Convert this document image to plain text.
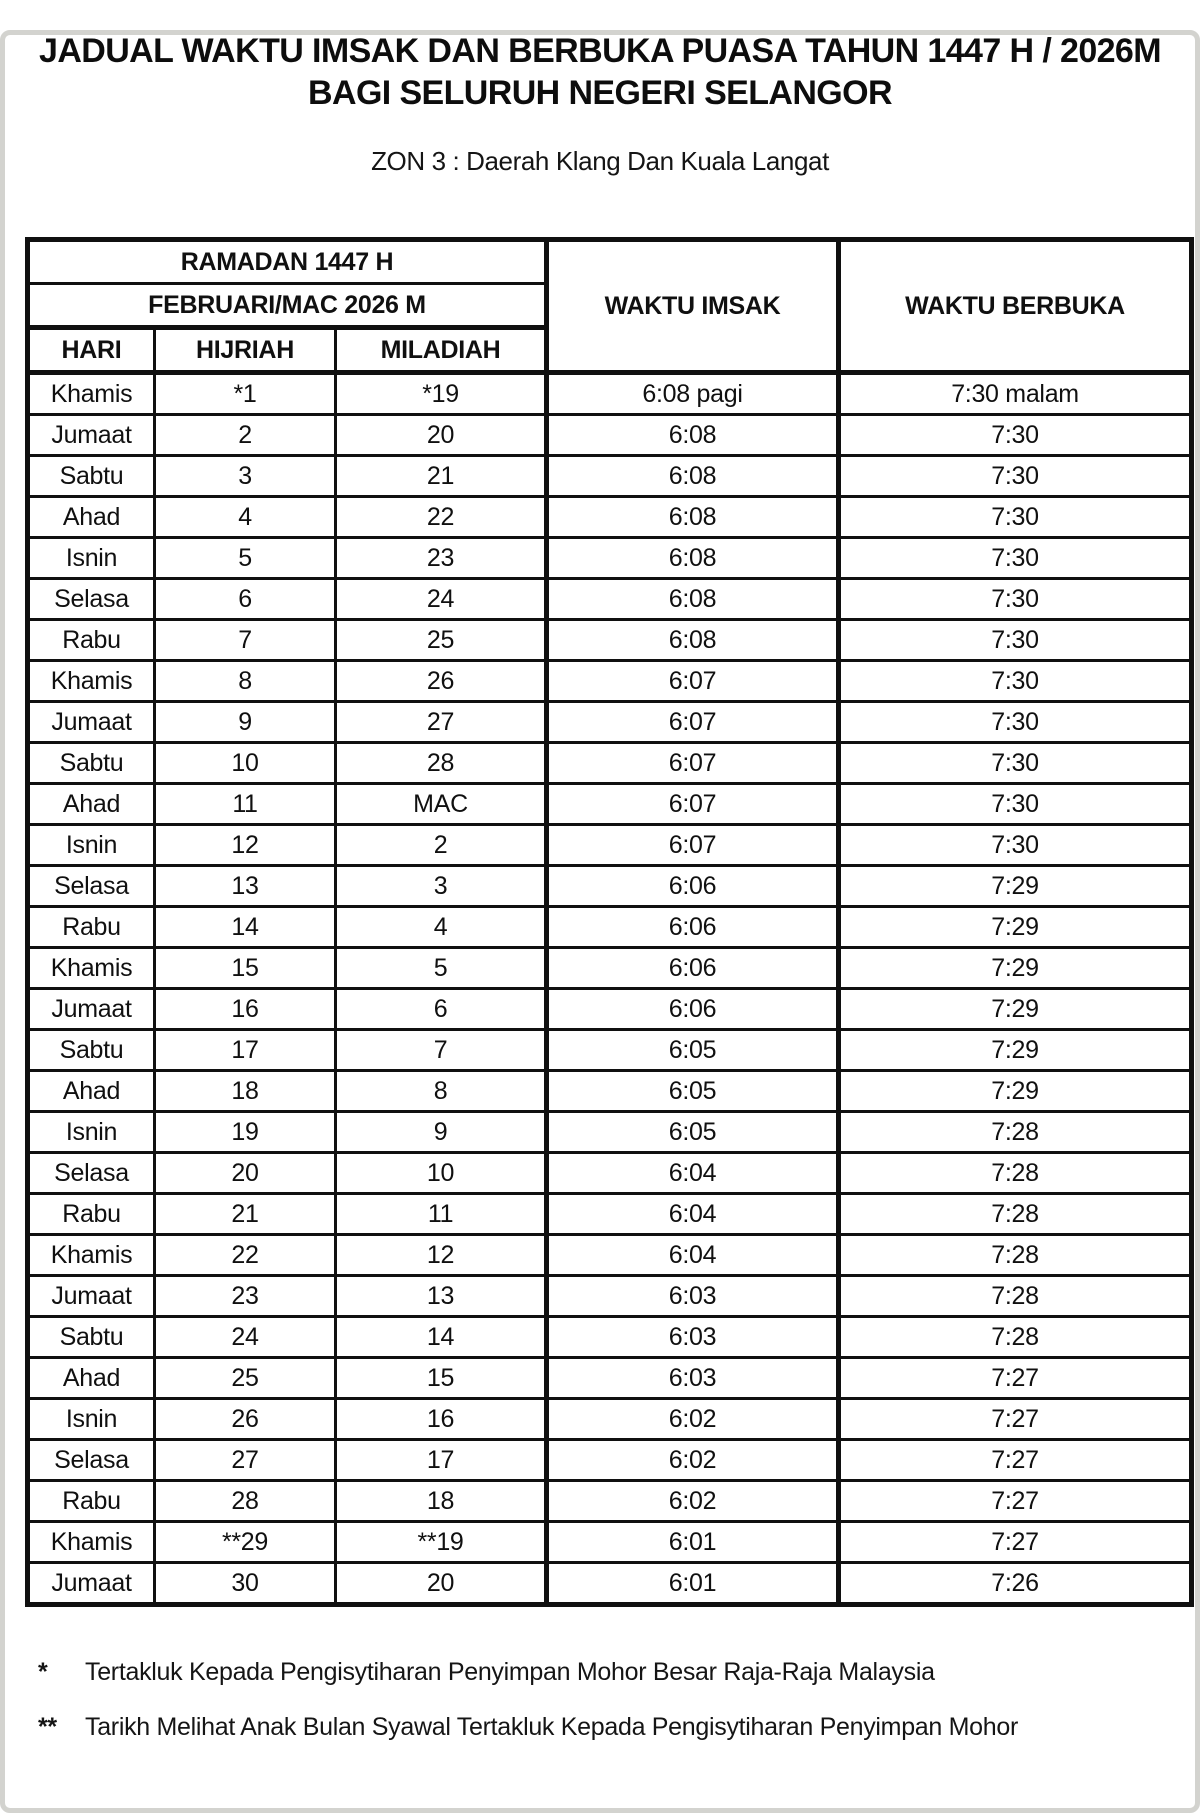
JADUAL WAKTU IMSAK DAN BERBUKA PUASA TAHUN 1447 H / 2026M
BAGI SELURUH NEGERI SELANGOR
ZON 3 : Daerah Klang Dan Kuala Langat
RAMADAN 1447 H			WAKTU IMSAK	WAKTU BERBUKA
FEBRUARI/MAC 2026 M				
HARI	HIJRIAH	MILADIAH		
Khamis	*1	*19	6:08 pagi	7:30 malam
Jumaat	2	20	6:08	7:30
Sabtu	3	21	6:08	7:30
Ahad	4	22	6:08	7:30
Isnin	5	23	6:08	7:30
Selasa	6	24	6:08	7:30
Rabu	7	25	6:08	7:30
Khamis	8	26	6:07	7:30
Jumaat	9	27	6:07	7:30
Sabtu	10	28	6:07	7:30
Ahad	11	MAC	6:07	7:30
Isnin	12	2	6:07	7:30
Selasa	13	3	6:06	7:29
Rabu	14	4	6:06	7:29
Khamis	15	5	6:06	7:29
Jumaat	16	6	6:06	7:29
Sabtu	17	7	6:05	7:29
Ahad	18	8	6:05	7:29
Isnin	19	9	6:05	7:28
Selasa	20	10	6:04	7:28
Rabu	21	11	6:04	7:28
Khamis	22	12	6:04	7:28
Jumaat	23	13	6:03	7:28
Sabtu	24	14	6:03	7:28
Ahad	25	15	6:03	7:27
Isnin	26	16	6:02	7:27
Selasa	27	17	6:02	7:27
Rabu	28	18	6:02	7:27
Khamis	**29	**19	6:01	7:27
Jumaat	30	20	6:01	7:26
*	Tertakluk Kepada Pengisytiharan Penyimpan Mohor Besar Raja-Raja Malaysia
**	Tarikh Melihat Anak Bulan Syawal Tertakluk Kepada Pengisytiharan Penyimpan Mohor
